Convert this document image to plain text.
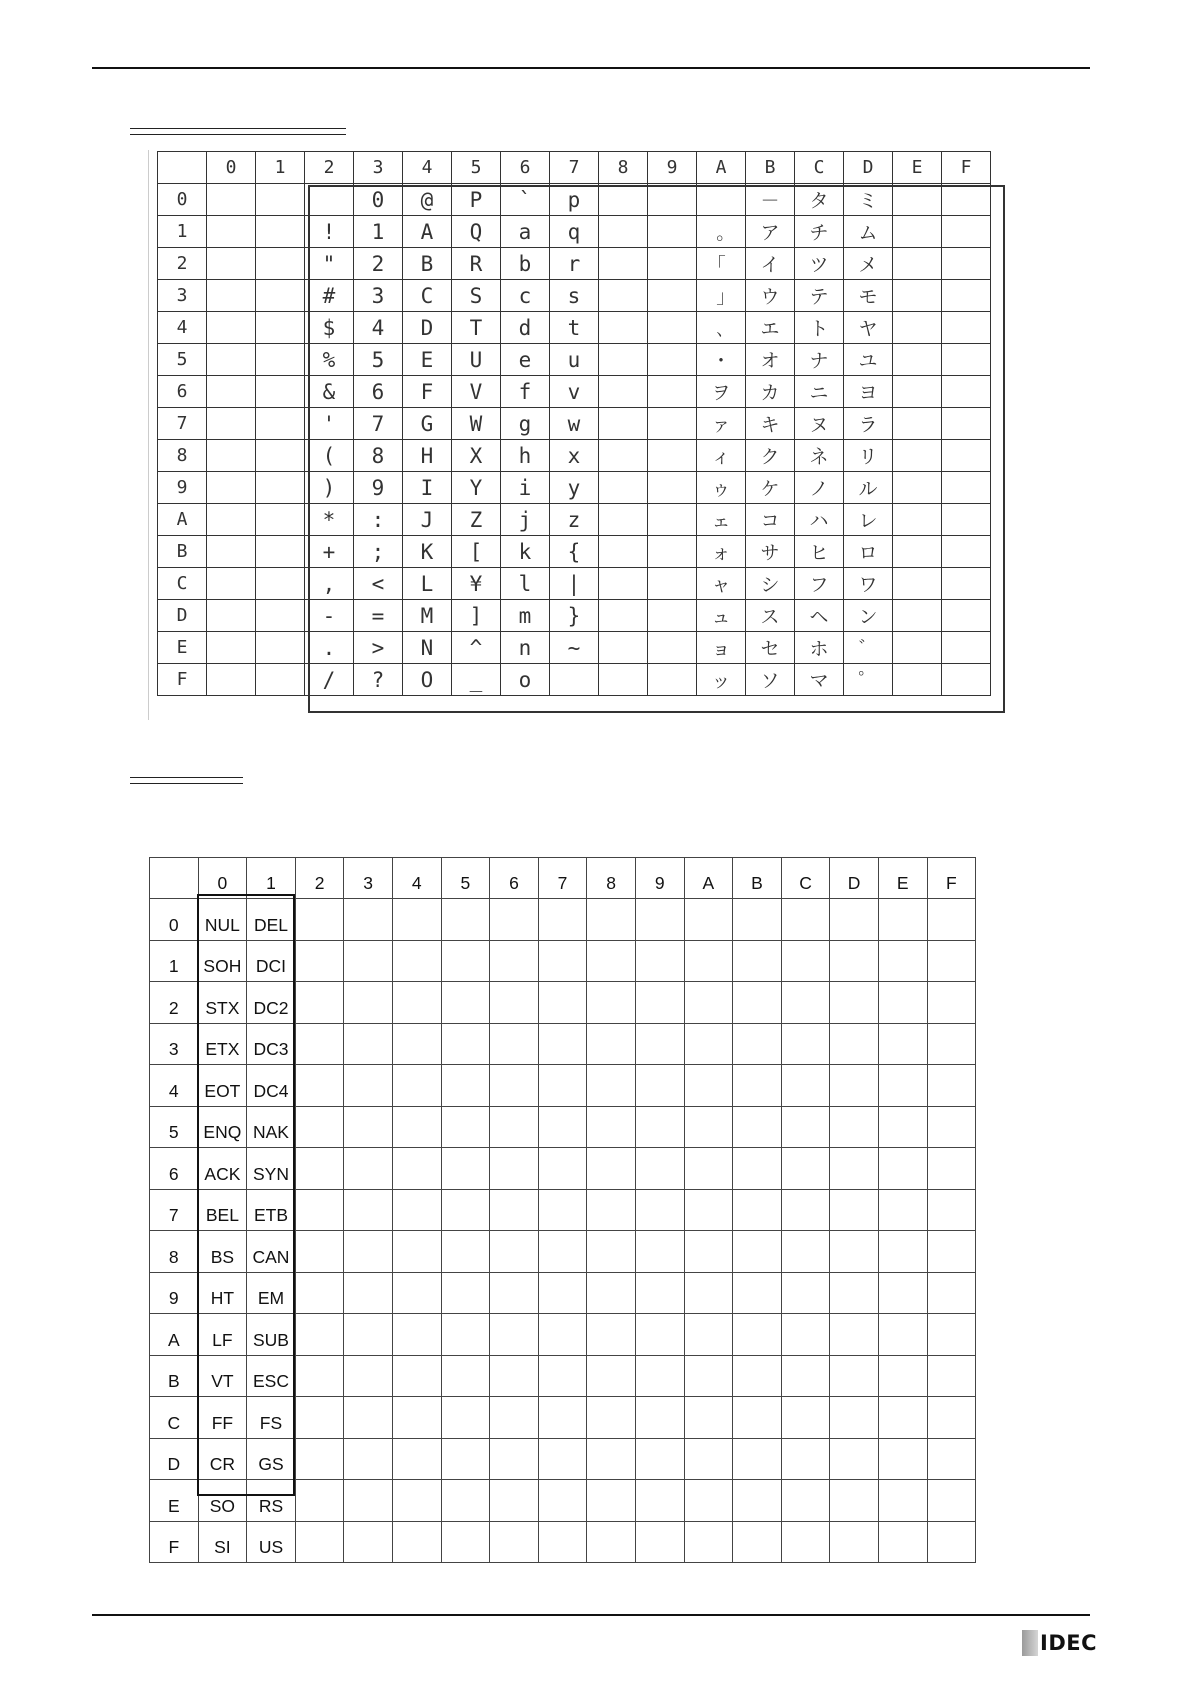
	0	1	2	3	4	5	6	7	8	9	A	B	C	D	E	F
0				0	@	P	`	p				－	タ	ミ		
1			!	1	A	Q	a	q			｡	ア	チ	ム		
2			"	2	B	R	b	r			｢	イ	ツ	メ		
3			#	3	C	S	c	s			｣	ウ	テ	モ		
4			$	4	D	T	d	t			､	エ	ト	ヤ		
5			%	5	E	U	e	u			･	オ	ナ	ユ		
6			&	6	F	V	f	v			ヲ	カ	ニ	ヨ		
7			'	7	G	W	g	w			ァ	キ	ヌ	ラ		
8			(	8	H	X	h	x			ィ	ク	ネ	リ		
9			)	9	I	Y	i	y			ゥ	ケ	ノ	ル		
A			*	:	J	Z	j	z			ェ	コ	ハ	レ		
B			+	;	K	[	k	{			ォ	サ	ヒ	ロ		
C			,	<	L	¥	l	|			ャ	シ	フ	ワ		
D			-	=	M	]	m	}			ュ	ス	ヘ	ン		
E			.	>	N	^	n	~			ョ	セ	ホ	゛		
F			/	?	O	_	o				ッ	ソ	マ	゜		
	0	1	2	3	4	5	6	7	8	9	A	B	C	D	E	F
0	NUL	DEL														
1	SOH	DCI														
2	STX	DC2														
3	ETX	DC3														
4	EOT	DC4														
5	ENQ	NAK														
6	ACK	SYN														
7	BEL	ETB														
8	BS	CAN														
9	HT	EM														
A	LF	SUB														
B	VT	ESC														
C	FF	FS														
D	CR	GS														
E	SO	RS														
F	SI	US														
IDEC
